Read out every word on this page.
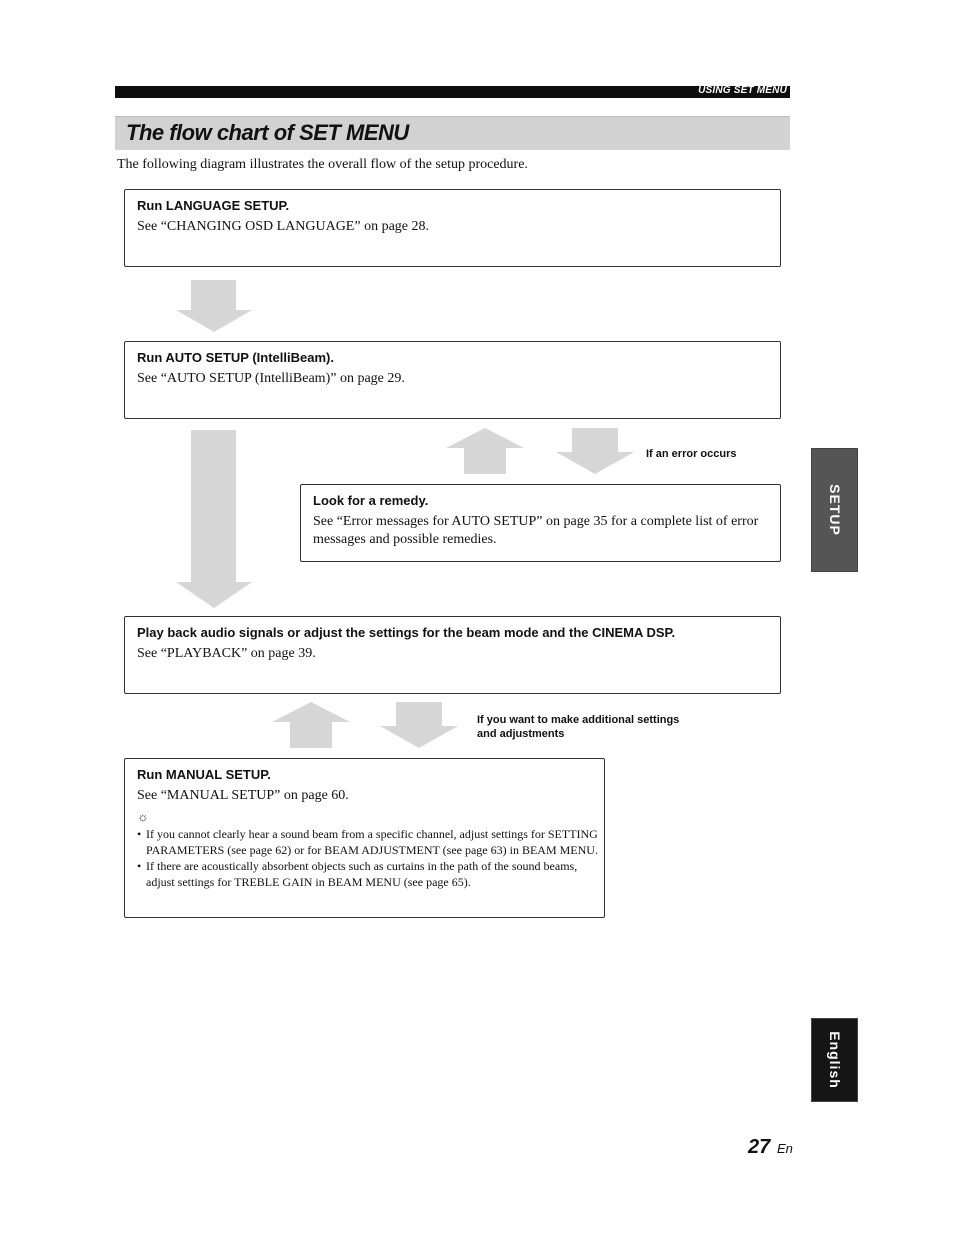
USING SET MENU
The flow chart of SET MENU
The following diagram illustrates the overall flow of the setup procedure.
Run LANGUAGE SETUP.
See “CHANGING OSD LANGUAGE” on page 28.
Run AUTO SETUP (IntelliBeam).
See “AUTO SETUP (IntelliBeam)” on page 29.
If an error occurs
Look for a remedy.
See “Error messages for AUTO SETUP” on page 35 for a complete list of error messages and possible remedies.
Play back audio signals or adjust the settings for the beam mode and the CINEMA DSP.
See “PLAYBACK” on page 39.
If you want to make additional settings
and adjustments
Run MANUAL SETUP.
See “MANUAL SETUP” on page 60.
☼
• If you cannot clearly hear a sound beam from a specific channel, adjust settings for SETTING PARAMETERS (see page 62) or for BEAM ADJUSTMENT (see page 63) in BEAM MENU.
• If there are acoustically absorbent objects such as curtains in the path of the sound beams, adjust settings for TREBLE GAIN in BEAM MENU (see page 65).
SETUP
English
27 En
